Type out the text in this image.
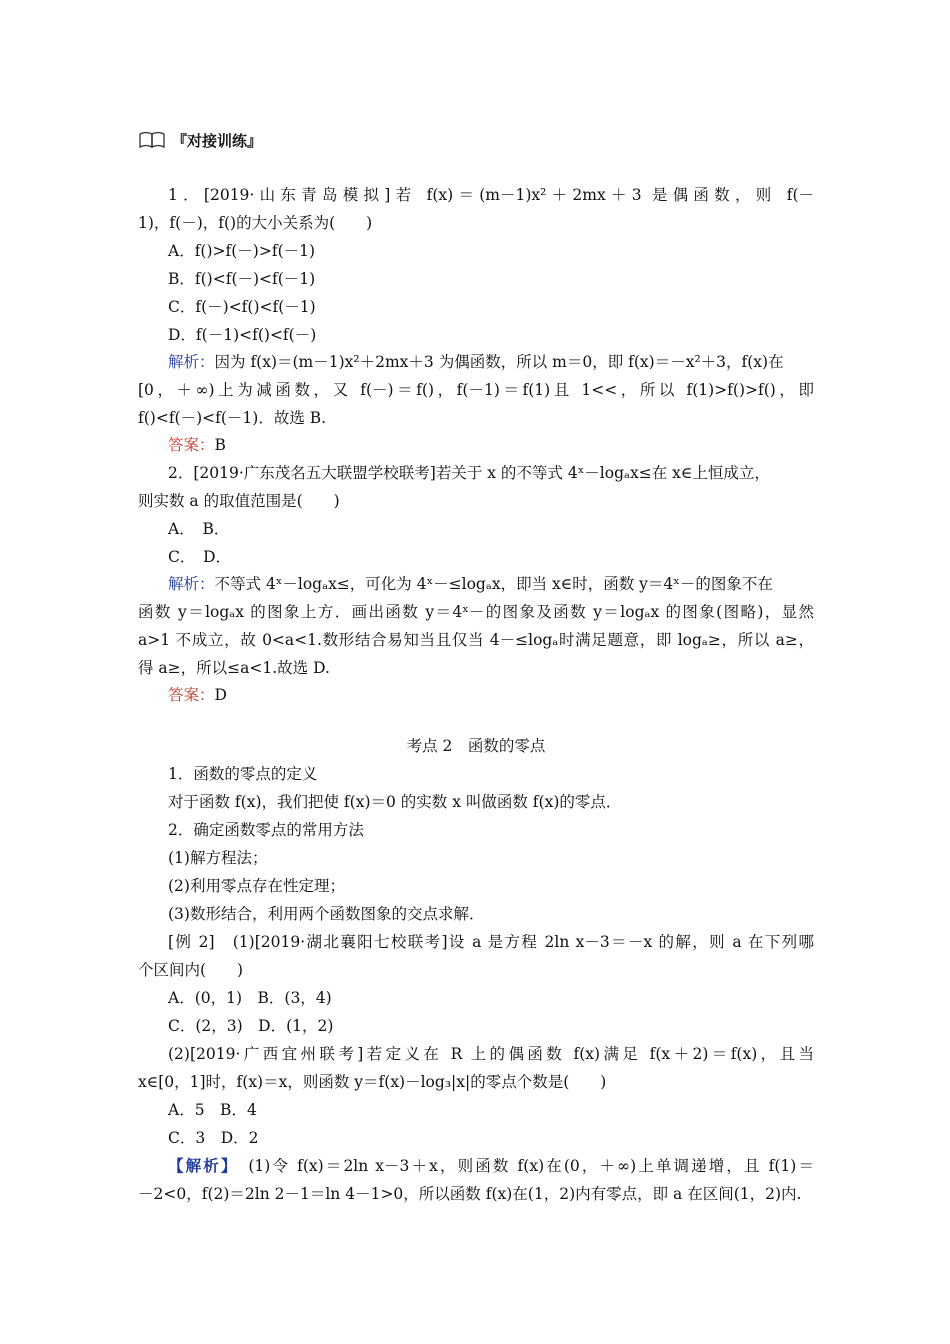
『对接训练』
1．[2019·山东青岛模拟]若 f(x)＝(m－1)x²＋2mx＋3 是偶函数，则 f(－
1)，f(－)，f()的大小关系为(　　)
A．f()>f(－)>f(－1)
B．f()<f(－)<f(－1)
C．f(－)<f()<f(－1)
D．f(－1)<f()<f(－)
解析：因为 f(x)＝(m－1)x²＋2mx＋3 为偶函数，所以 m＝0，即 f(x)＝－x²＋3，f(x)在
[0，＋∞)上为减函数，又 f(－)＝f()，f(－1)＝f(1)且 1<<，所以 f(1)>f()>f()，即
f()<f(－)<f(－1)．故选 B.
答案：B
2．[2019·广东茂名五大联盟学校联考]若关于 x 的不等式 4ˣ－logₐx≤在 x∈上恒成立，
则实数 a 的取值范围是(　　)
A．　B．
C．　D．
解析：不等式 4ˣ－logₐx≤，可化为 4ˣ－≤logₐx，即当 x∈时，函数 y＝4ˣ－的图象不在
函数 y＝logₐx 的图象上方．画出函数 y＝4ˣ－的图象及函数 y＝logₐx 的图象(图略)，显然
a>1 不成立，故 0<a<1.数形结合易知当且仅当 4－≤logₐ时满足题意，即 logₐ≥，所以 a≥，
得 a≥，所以≤a<1.故选 D.
答案：D
考点 2　函数的零点
1．函数的零点的定义
对于函数 f(x)，我们把使 f(x)＝0 的实数 x 叫做函数 f(x)的零点．
2．确定函数零点的常用方法
(1)解方程法；
(2)利用零点存在性定理；
(3)数形结合，利用两个函数图象的交点求解．
[例 2]　(1)[2019·湖北襄阳七校联考]设 a 是方程 2ln x－3＝－x 的解，则 a 在下列哪
个区间内(　　)
A．(0，1)　B．(3，4)
C．(2，3)　D．(1，2)
(2)[2019·广西宜州联考]若定义在 R 上的偶函数 f(x)满足 f(x＋2)＝f(x)，且当
x∈[0，1]时，f(x)＝x，则函数 y＝f(x)－log₃|x|的零点个数是(　　)
A．5　B．4
C．3　D．2
【解析】　 (1)令 f(x)＝2ln x－3＋x，则函数 f(x)在(0，＋∞)上单调递增，且 f(1)＝
－2<0，f(2)＝2ln 2－1＝ln 4－1>0，所以函数 f(x)在(1，2)内有零点，即 a 在区间(1，2)内.
